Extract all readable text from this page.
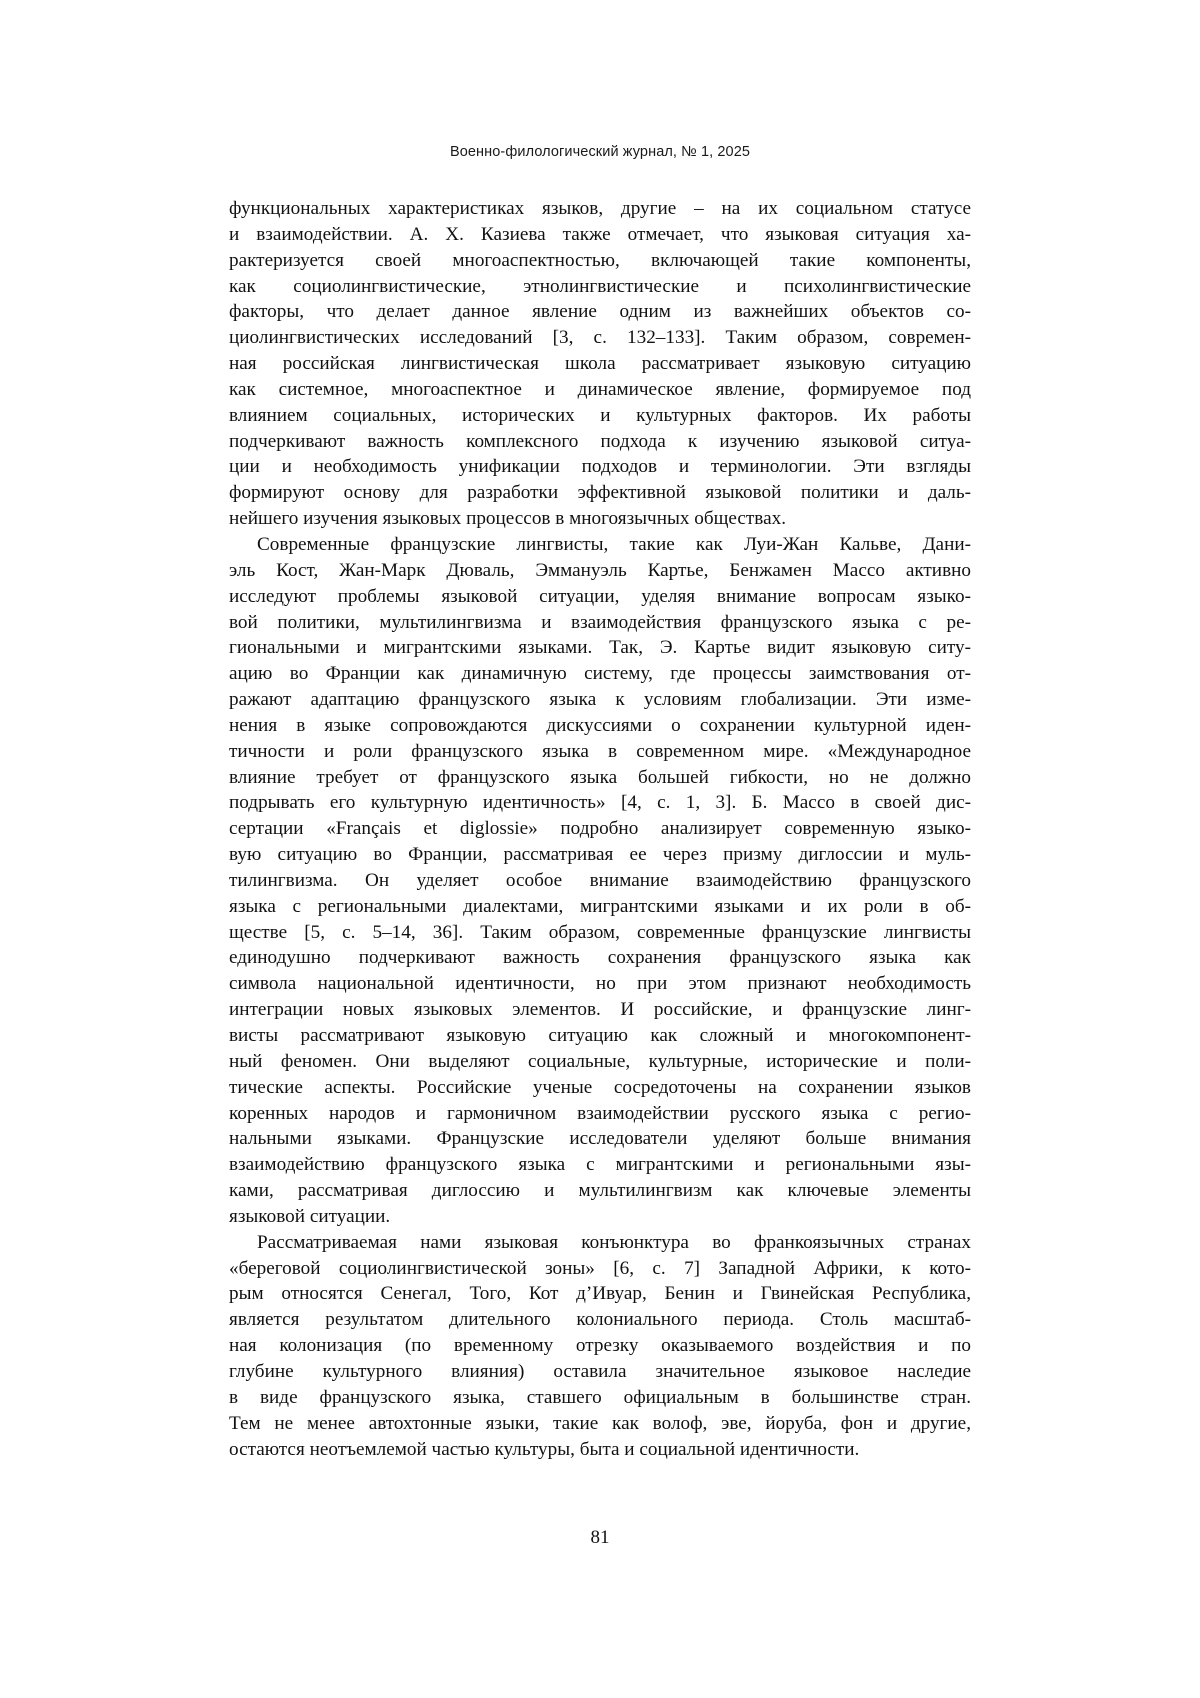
Военно-филологический журнал, № 1, 2025

функциональных характеристиках языков, другие – на их социальном статусе
и взаимодействии. А. Х. Казиева также отмечает, что языковая ситуация ха-
рактеризуется своей многоаспектностью, включающей такие компоненты,
как социолингвистические, этнолингвистические и психолингвистические
факторы, что делает данное явление одним из важнейших объектов со-
циолингвистических исследований [3, с. 132–133]. Таким образом, современ-
ная российская лингвистическая школа рассматривает языковую ситуацию
как системное, многоаспектное и динамическое явление, формируемое под
влиянием социальных, исторических и культурных факторов. Их работы
подчеркивают важность комплексного подхода к изучению языковой ситуа-
ции и необходимость унификации подходов и терминологии. Эти взгляды
формируют основу для разработки эффективной языковой политики и даль-
нейшего изучения языковых процессов в многоязычных обществах.

Современные французские лингвисты, такие как Луи-Жан Кальве, Дани-
эль Кост, Жан-Марк Дюваль, Эммануэль Картье, Бенжамен Массо активно
исследуют проблемы языковой ситуации, уделяя внимание вопросам языко-
вой политики, мультилингвизма и взаимодействия французского языка с ре-
гиональными и мигрантскими языками. Так, Э. Картье видит языковую ситу-
ацию во Франции как динамичную систему, где процессы заимствования от-
ражают адаптацию французского языка к условиям глобализации. Эти изме-
нения в языке сопровождаются дискуссиями о сохранении культурной иден-
тичности и роли французского языка в современном мире. «Международное
влияние требует от французского языка большей гибкости, но не должно
подрывать его культурную идентичность» [4, с. 1, 3]. Б. Массо в своей дис-
сертации «Français et diglossie» подробно анализирует современную языко-
вую ситуацию во Франции, рассматривая ее через призму диглоссии и муль-
тилингвизма. Он уделяет особое внимание взаимодействию французского
языка с региональными диалектами, мигрантскими языками и их роли в об-
ществе [5, с. 5–14, 36]. Таким образом, современные французские лингвисты
единодушно подчеркивают важность сохранения французского языка как
символа национальной идентичности, но при этом признают необходимость
интеграции новых языковых элементов. И российские, и французские линг-
висты рассматривают языковую ситуацию как сложный и многокомпонент-
ный феномен. Они выделяют социальные, культурные, исторические и поли-
тические аспекты. Российские ученые сосредоточены на сохранении языков
коренных народов и гармоничном взаимодействии русского языка с регио-
нальными языками. Французские исследователи уделяют больше внимания
взаимодействию французского языка с мигрантскими и региональными язы-
ками, рассматривая диглоссию и мультилингвизм как ключевые элементы
языковой ситуации.

Рассматриваемая нами языковая конъюнктура во франкоязычных странах
«береговой социолингвистической зоны» [6, с. 7] Западной Африки, к кото-
рым относятся Сенегал, Того, Кот д’Ивуар, Бенин и Гвинейская Республика,
является результатом длительного колониального периода. Столь масштаб-
ная колонизация (по временному отрезку оказываемого воздействия и по
глубине культурного влияния) оставила значительное языковое наследие
в виде французского языка, ставшего официальным в большинстве стран.
Тем не менее автохтонные языки, такие как волоф, эве, йоруба, фон и другие,
остаются неотъемлемой частью культуры, быта и социальной идентичности.

81
